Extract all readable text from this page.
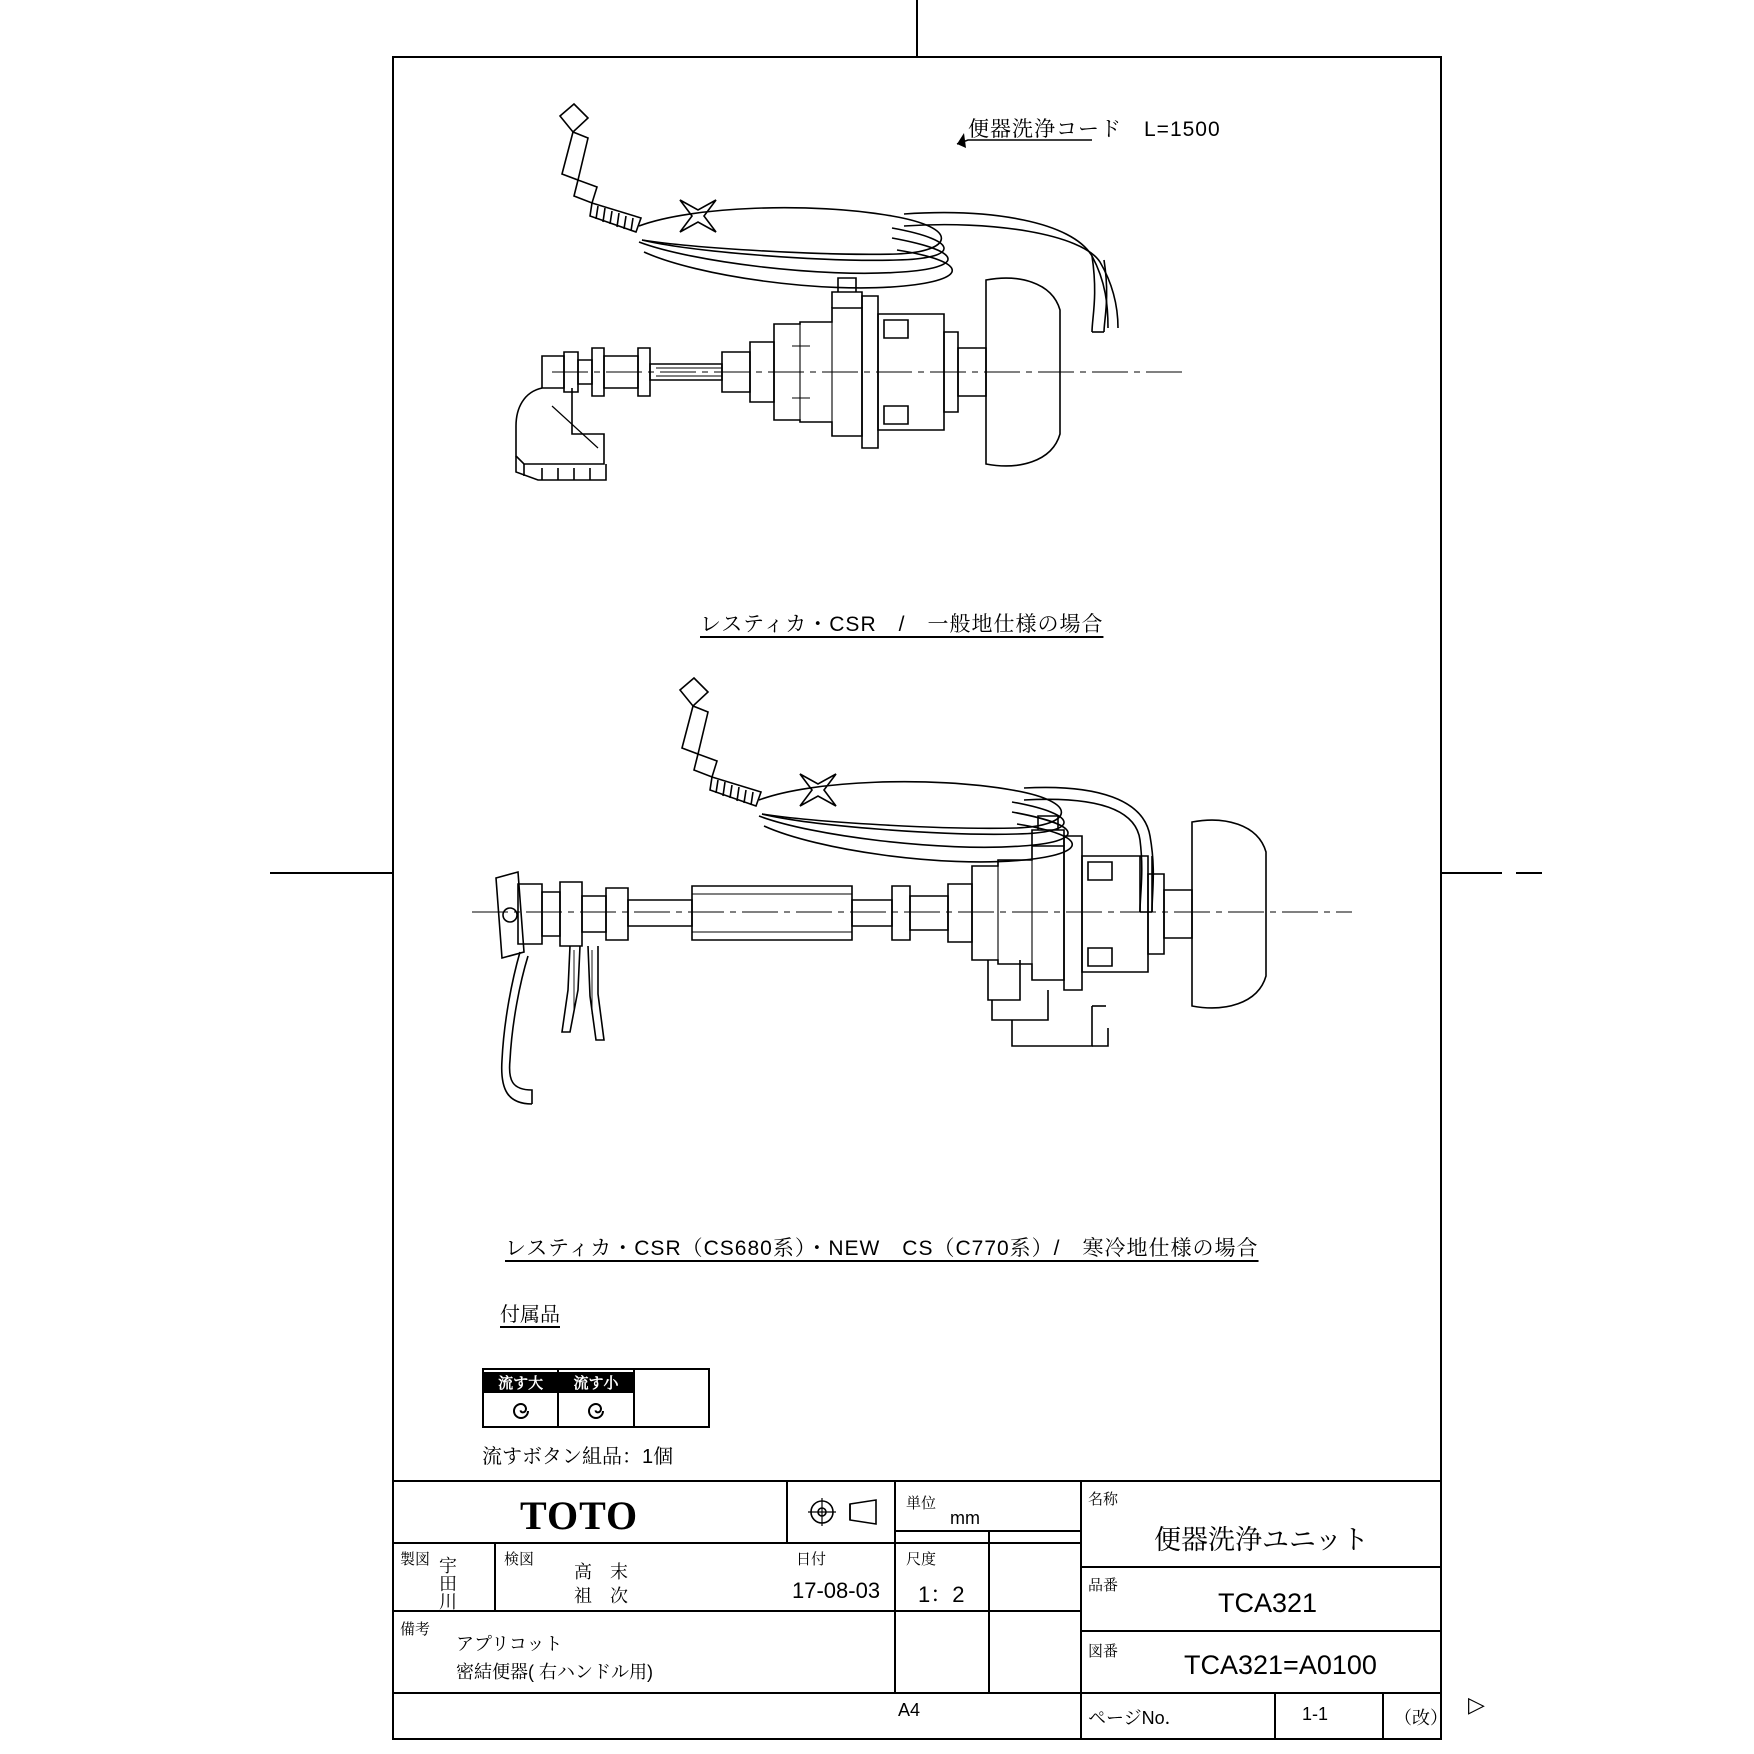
レスティカ・CSR　/　一般地仕様の場合
便器洗浄コード　L=1500
レスティカ・CSR（CS680系）・NEW　CS（C770系）/　寒冷地仕様の場合
付属品
流す大	流す小
流すボタン組品：1個
TOTO	単位
mm
製図 宇田川	検図
高　末
祖　次
日付
17-08-03
尺度
1：2
備考
アプリコット
密結便器( 右ハンドル用)
名称
便器洗浄ユニット
品番
TCA321
図番 TCA321=A0100
ページNo．	1-1	（改）
A4	▷
